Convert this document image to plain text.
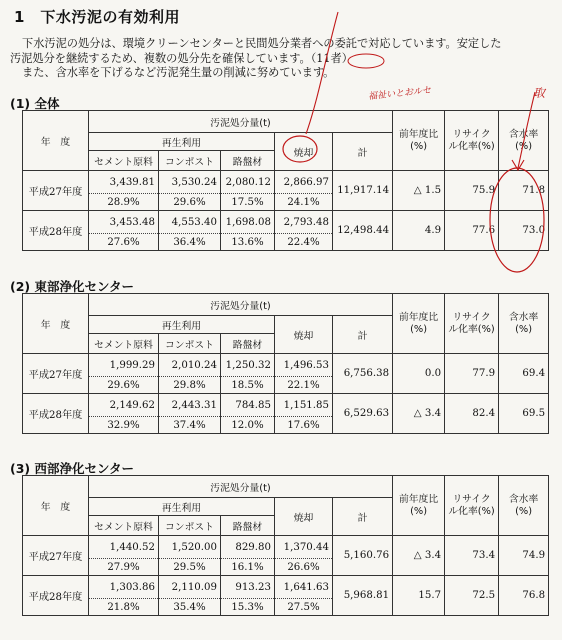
1　下水汚泥の有効利用
下水汚泥の処分は、環境クリーンセンターと民間処分業者への委託で対応しています。安定した
汚泥処分を継続するため、複数の処分先を確保しています。（11者）
また、含水率を下げるなど汚泥発生量の削減に努めています。
(1) 全体
年　度	汚泥処分量(t)					前年度比(%)	リサイクル化率(%)	含水率(%)
	再生利用			焼却	計			
	セメント原料	コンポスト	路盤材					
平成27年度	3,439.81	3,530.24	2,080.12	2,866.97	11,917.14	△ 1.5	75.9	71.8
	28.9%	29.6%	17.5%	24.1%				
平成28年度	3,453.48	4,553.40	1,698.08	2,793.48	12,498.44	4.9	77.6	73.0
	27.6%	36.4%	13.6%	22.4%				
(2) 東部浄化センター
年　度	汚泥処分量(t)					前年度比(%)	リサイクル化率(%)	含水率(%)
	再生利用			焼却	計			
	セメント原料	コンポスト	路盤材					
平成27年度	1,999.29	2,010.24	1,250.32	1,496.53	6,756.38	0.0	77.9	69.4
	29.6%	29.8%	18.5%	22.1%				
平成28年度	2,149.62	2,443.31	784.85	1,151.85	6,529.63	△ 3.4	82.4	69.5
	32.9%	37.4%	12.0%	17.6%				
(3) 西部浄化センター
年　度	汚泥処分量(t)					前年度比(%)	リサイクル化率(%)	含水率(%)
	再生利用			焼却	計			
	セメント原料	コンポスト	路盤材					
平成27年度	1,440.52	1,520.00	829.80	1,370.44	5,160.76	△ 3.4	73.4	74.9
	27.9%	29.5%	16.1%	26.6%				
平成28年度	1,303.86	2,110.09	913.23	1,641.63	5,968.81	15.7	72.5	76.8
	21.8%	35.4%	15.3%	27.5%				
福祉いとおルセ	取
